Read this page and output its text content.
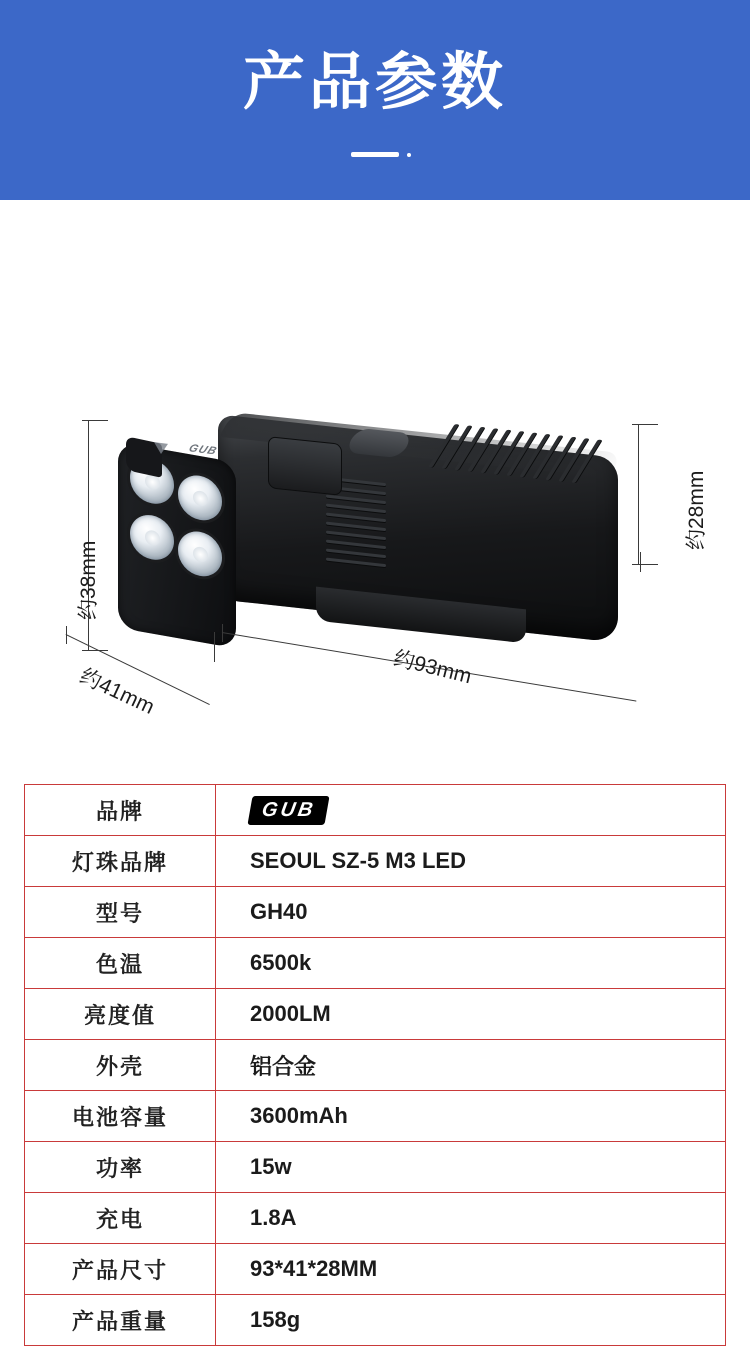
产品参数
GUB
约38mm
约28mm
约93mm
约41mm
品牌	GUB
灯珠品牌	SEOUL SZ-5 M3 LED
型号	GH40
色温	6500k
亮度值	2000LM
外壳	铝合金
电池容量	3600mAh
功率	15w
充电	1.8A
产品尺寸	93*41*28MM
产品重量	158g
